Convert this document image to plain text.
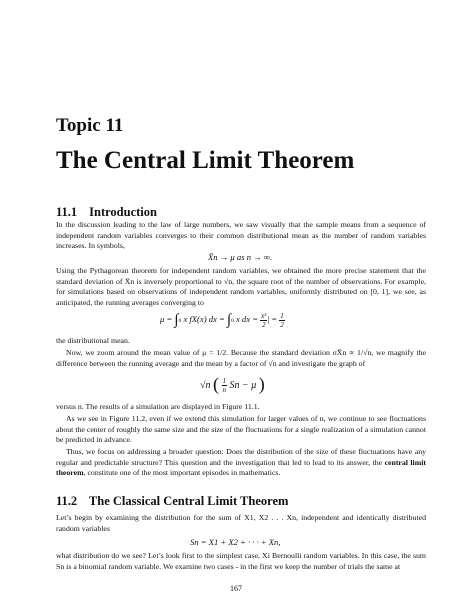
Topic 11
The Central Limit Theorem
11.1 Introduction

In the discussion leading to the law of large numbers, we saw visually that the sample means from a sequence of independent random variables converges to their common distributional mean as the number of random variables increases. In symbols,

X̄n → μ as n → ∞.

Using the Pythagorean theorem for independent random variables, we obtained the more precise statement that the standard deviation of X̄n is inversely proportional to √n, the square root of the number of observations. For example, for simulations based on observations of independent random variables, uniformly distributed on [0, 1], we see, as anticipated, the running averages converging to

μ = ∫0 x fX(x) dx = ∫0 x dx = $\frac{\text{x²}}{2}$ | = $\frac{1}{2}$

the distributional mean.

Now, we zoom around the mean value of μ = 1/2. Because the standard deviation σX̄n ∝ 1/√n, we magnify the difference between the running average and the mean by a factor of √n and investigate the graph of

√n ( $\frac{1}{n}$ Sn − μ )

versus n. The results of a simulation are displayed in Figure 11.1.

As we see in Figure 11.2, even if we extend this simulation for larger values of n, we continue to see fluctuations about the center of roughly the same size and the size of the fluctuations for a single realization of a simulation cannot be predicted in advance.

Thus, we focus on addressing a broader question: Does the distribution of the size of these fluctuations have any regular and predictable structure? This question and the investigation that led to lead to its answer, the central limit theorem, constitute one of the most important episodes in mathematics.

11.2 The Classical Central Limit Theorem

Let’s begin by examining the distribution for the sum of X1, X2 . . . Xn, independent and identically distributed random variables

Sn = X1 + X2 + · · · + Xn,

what distribution do we see? Let’s look first to the simplest case, Xi Bernoulli random variables. In this case, the sum Sn is a binomial random variable. We examine two cases - in the first we keep the number of trials the same at

167
